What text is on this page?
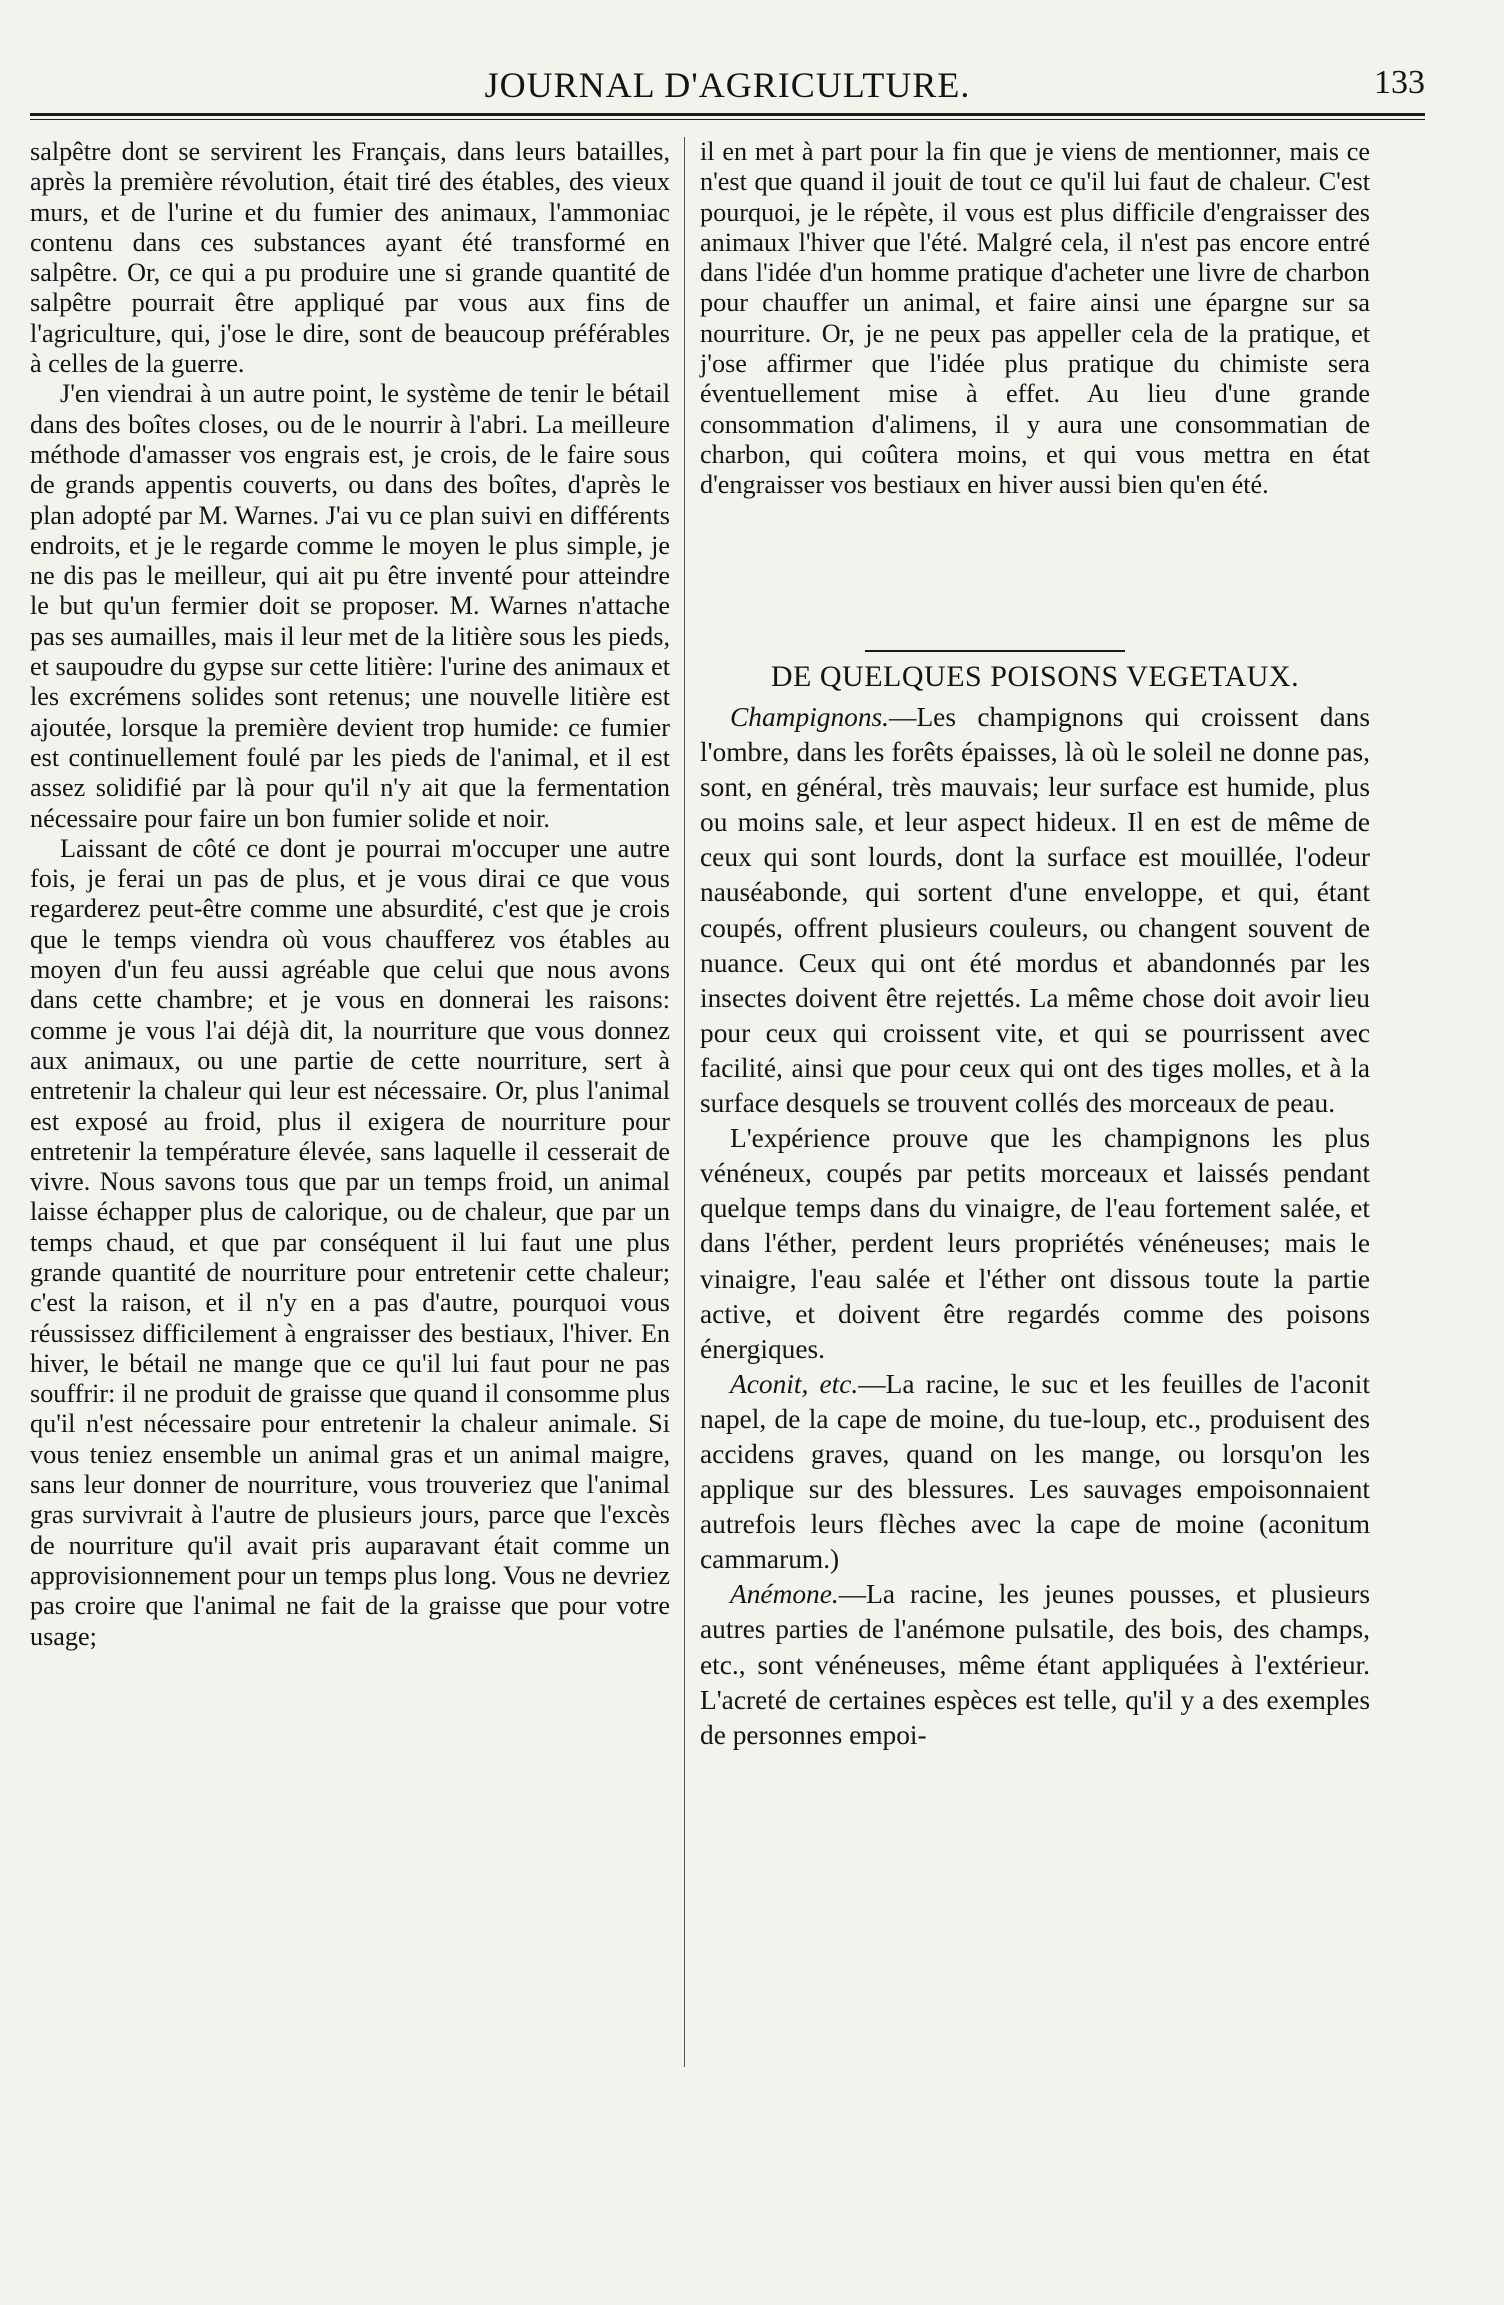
JOURNAL D'AGRICULTURE.	133

salpêtre dont se servirent les Français, dans leurs batailles, après la première révolution, était tiré des étables, des vieux murs, et de l'urine et du fumier des animaux, l'ammoniac contenu dans ces substances ayant été transformé en salpêtre. Or, ce qui a pu produire une si grande quantité de salpêtre pourrait être appliqué par vous aux fins de l'agriculture, qui, j'ose le dire, sont de beaucoup préférables à celles de la guerre.

J'en viendrai à un autre point, le système de tenir le bétail dans des boîtes closes, ou de le nourrir à l'abri. La meilleure méthode d'amasser vos engrais est, je crois, de le faire sous de grands appentis couverts, ou dans des boîtes, d'après le plan adopté par M. Warnes. J'ai vu ce plan suivi en différents endroits, et je le regarde comme le moyen le plus simple, je ne dis pas le meilleur, qui ait pu être inventé pour atteindre le but qu'un fermier doit se proposer. M. Warnes n'attache pas ses aumailles, mais il leur met de la litière sous les pieds, et saupoudre du gypse sur cette litière: l'urine des animaux et les excrémens solides sont retenus; une nouvelle litière est ajoutée, lorsque la première devient trop humide: ce fumier est continuellement foulé par les pieds de l'animal, et il est assez solidifié par là pour qu'il n'y ait que la fermentation nécessaire pour faire un bon fumier solide et noir.

Laissant de côté ce dont je pourrai m'occuper une autre fois, je ferai un pas de plus, et je vous dirai ce que vous regarderez peut-être comme une absurdité, c'est que je crois que le temps viendra où vous chaufferez vos étables au moyen d'un feu aussi agréable que celui que nous avons dans cette chambre; et je vous en donnerai les raisons: comme je vous l'ai déjà dit, la nourriture que vous donnez aux animaux, ou une partie de cette nourriture, sert à entretenir la chaleur qui leur est nécessaire. Or, plus l'animal est exposé au froid, plus il exigera de nourriture pour entretenir la température élevée, sans laquelle il cesserait de vivre. Nous savons tous que par un temps froid, un animal laisse échapper plus de calorique, ou de chaleur, que par un temps chaud, et que par conséquent il lui faut une plus grande quantité de nourriture pour entretenir cette chaleur; c'est la raison, et il n'y en a pas d'autre, pourquoi vous réussissez difficilement à engraisser des bestiaux, l'hiver. En hiver, le bétail ne mange que ce qu'il lui faut pour ne pas souffrir: il ne produit de graisse que quand il consomme plus qu'il n'est nécessaire pour entretenir la chaleur animale. Si vous teniez ensemble un animal gras et un animal maigre, sans leur donner de nourriture, vous trouveriez que l'animal gras survivrait à l'autre de plusieurs jours, parce que l'excès de nourriture qu'il avait pris auparavant était comme un approvisionnement pour un temps plus long. Vous ne devriez pas croire que l'animal ne fait de la graisse que pour votre usage;

il en met à part pour la fin que je viens de mentionner, mais ce n'est que quand il jouit de tout ce qu'il lui faut de chaleur. C'est pourquoi, je le répète, il vous est plus difficile d'engraisser des animaux l'hiver que l'été. Malgré cela, il n'est pas encore entré dans l'idée d'un homme pratique d'acheter une livre de charbon pour chauffer un animal, et faire ainsi une épargne sur sa nourriture. Or, je ne peux pas appeller cela de la pratique, et j'ose affirmer que l'idée plus pratique du chimiste sera éventuellement mise à effet. Au lieu d'une grande consommation d'alimens, il y aura une consommatian de charbon, qui coûtera moins, et qui vous mettra en état d'engraisser vos bestiaux en hiver aussi bien qu'en été.

DE QUELQUES POISONS VEGETAUX.

Champignons.—Les champignons qui croissent dans l'ombre, dans les forêts épaisses, là où le soleil ne donne pas, sont, en général, très mauvais; leur surface est humide, plus ou moins sale, et leur aspect hideux. Il en est de même de ceux qui sont lourds, dont la surface est mouillée, l'odeur nauséabonde, qui sortent d'une enveloppe, et qui, étant coupés, offrent plusieurs couleurs, ou changent souvent de nuance. Ceux qui ont été mordus et abandonnés par les insectes doivent être rejettés. La même chose doit avoir lieu pour ceux qui croissent vite, et qui se pourrissent avec facilité, ainsi que pour ceux qui ont des tiges molles, et à la surface desquels se trouvent collés des morceaux de peau.

L'expérience prouve que les champignons les plus vénéneux, coupés par petits morceaux et laissés pendant quelque temps dans du vinaigre, de l'eau fortement salée, et dans l'éther, perdent leurs propriétés vénéneuses; mais le vinaigre, l'eau salée et l'éther ont dissous toute la partie active, et doivent être regardés comme des poisons énergiques.

Aconit, etc.—La racine, le suc et les feuilles de l'aconit napel, de la cape de moine, du tue-loup, etc., produisent des accidens graves, quand on les mange, ou lorsqu'on les applique sur des blessures. Les sauvages empoisonnaient autrefois leurs flèches avec la cape de moine (aconitum cammarum.)

Anémone.—La racine, les jeunes pousses, et plusieurs autres parties de l'anémone pulsatile, des bois, des champs, etc., sont vénéneuses, même étant appliquées à l'extérieur. L'acreté de certaines espèces est telle, qu'il y a des exemples de personnes empoi-
